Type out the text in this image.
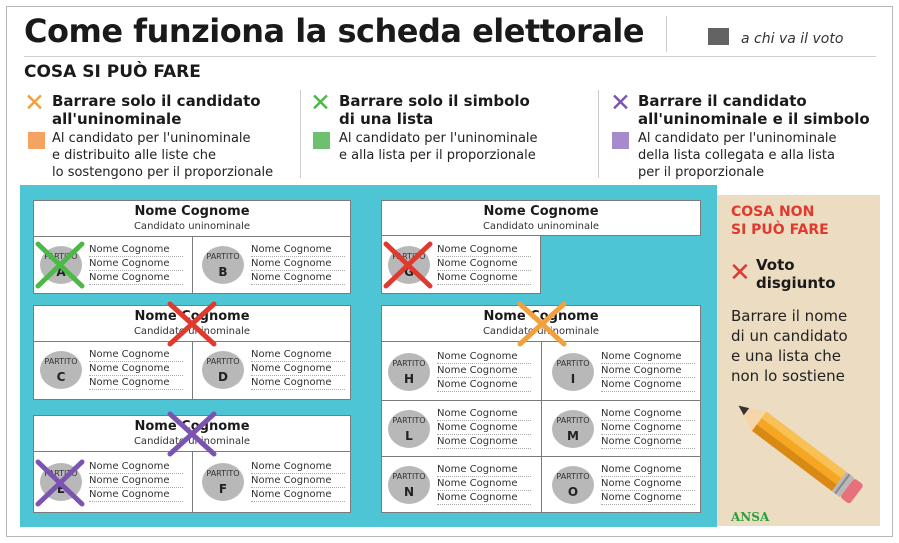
Come funziona la scheda elettorale	a chi va il voto
COSA SI PUÒ FARE
✕ Barrare solo il candidato
all'uninominale
Al candidato per l'uninominale
e distribuito alle liste che
lo sostengono per il proporzionale
✕ Barrare solo il simbolo
di una lista
Al candidato per l'uninominale
e alla lista per il proporzionale
✕ Barrare il candidato
all'uninominale e il simbolo
Al candidato per l'uninominale
della lista collegata e alla lista
per il proporzionale
Nome Cognome
Candidato uninominale
PARTITO
A
Nome Cognome
Nome Cognome
Nome Cognome
PARTITO
B
Nome Cognome
Nome Cognome
Nome Cognome
Nome Cognome
Candidato uninominale
PARTITO
G
Nome Cognome
Nome Cognome
Nome Cognome
Nome Cognome
Candidato uninominale
PARTITO
C
Nome Cognome
Nome Cognome
Nome Cognome
PARTITO
D
Nome Cognome
Nome Cognome
Nome Cognome
Nome Cognome
Candidato uninominale
PARTITO
H
Nome Cognome
Nome Cognome
Nome Cognome
PARTITO
I
Nome Cognome
Nome Cognome
Nome Cognome
PARTITO
L
Nome Cognome
Nome Cognome
Nome Cognome
PARTITO
M
Nome Cognome
Nome Cognome
Nome Cognome
PARTITO
N
Nome Cognome
Nome Cognome
Nome Cognome
PARTITO
O
Nome Cognome
Nome Cognome
Nome Cognome
Nome Cognome
Candidato uninominale
PARTITO
E
Nome Cognome
Nome Cognome
Nome Cognome
PARTITO
F
Nome Cognome
Nome Cognome
Nome Cognome
COSA NON
SI PUÒ FARE
✕ Voto
disgiunto
Barrare il nome
di un candidato
e una lista che
non lo sostiene
ANSA
